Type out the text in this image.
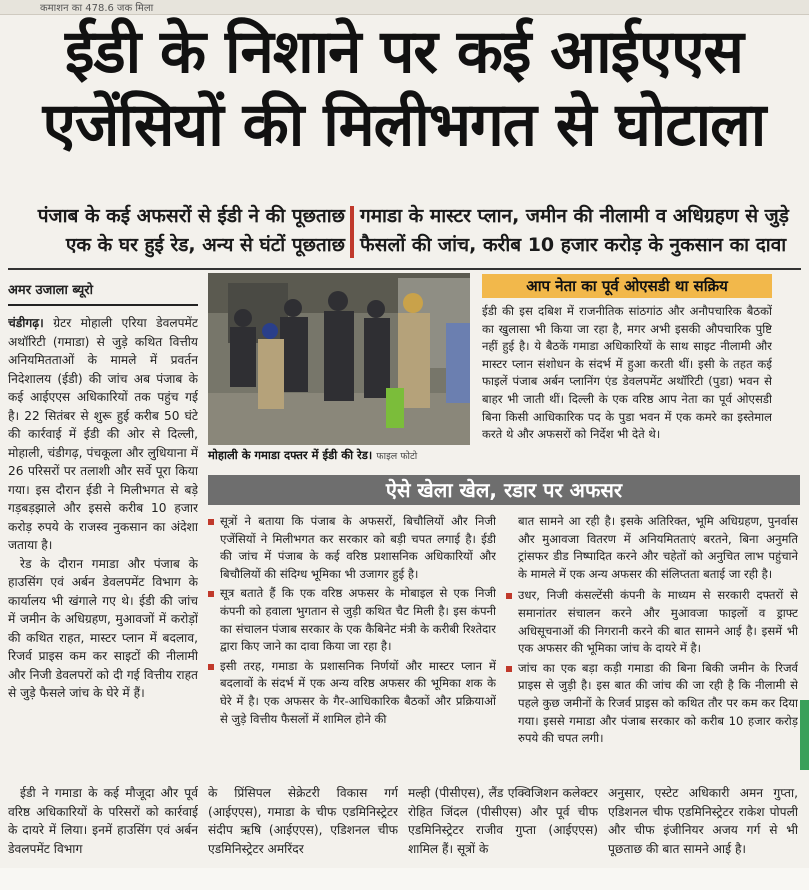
कमाशन का 478.6 जक मिला
ईडी के निशाने पर कई आईएएस
एजेंसियों की मिलीभगत से घोटाला
पंजाब के कई अफसरों से ईडी ने की पूछताछ
एक के घर हुई रेड, अन्य से घंटों पूछताछ
गमाडा के मास्टर प्लान, जमीन की नीलामी व अधिग्रहण से जुड़े
फैसलों की जांच, करीब 10 हजार करोड़ के नुकसान का दावा
अमर उजाला ब्यूरो

चंडीगढ़। ग्रेटर मोहाली एरिया डेवलपमेंट अथॉरिटी (गमाडा) से जुड़े कथित वित्तीय अनियमितताओं के मामले में प्रवर्तन निदेशालय (ईडी) की जांच अब पंजाब के कई आईएएस अधिकारियों तक पहुंच गई है। 22 सितंबर से शुरू हुई करीब 50 घंटे की कार्रवाई में ईडी की ओर से दिल्ली, मोहाली, चंडीगढ़, पंचकूला और लुधियाना में 26 परिसरों पर तलाशी और सर्वे पूरा किया गया। इस दौरान ईडी ने मिलीभगत से बड़े गड़बड़झाले और इससे करीब 10 हजार करोड़ रुपये के राजस्व नुकसान का अंदेशा जताया है।

रेड के दौरान गमाडा और पंजाब के हाउसिंग एवं अर्बन डेवलपमेंट विभाग के कार्यालय भी खंगाले गए थे। ईडी की जांच में जमीन के अधिग्रहण, मुआवजों में करोड़ों की कथित राहत, मास्टर प्लान में बदलाव, रिजर्व प्राइस कम कर साइटों की नीलामी और निजी डेवलपरों को दी गई वित्तीय राहत से जुड़े फैसले जांच के घेरे में हैं।

मोहाली के गमाडा दफ्तर में ईडी की रेड। फाइल फोटो
आप नेता का पूर्व ओएसडी था सक्रिय
ईडी की इस दबिश में राजनीतिक सांठगांठ और अनौपचारिक बैठकों का खुलासा भी किया जा रहा है, मगर अभी इसकी औपचारिक पुष्टि नहीं हुई है। ये बैठकें गमाडा अधिकारियों के साथ साइट नीलामी और मास्टर प्लान संशोधन के संदर्भ में हुआ करती थीं। इसी के तहत कई फाइलें पंजाब अर्बन प्लानिंग एंड डेवलपमेंट अथॉरिटी (पुडा) भवन से बाहर भी जाती थीं। दिल्ली के एक वरिष्ठ आप नेता का पूर्व ओएसडी बिना किसी आधिकारिक पद के पुडा भवन में एक कमरे का इस्तेमाल करते थे और अफसरों को निर्देश भी देते थे।
ऐसे खेला खेल, रडार पर अफसर
सूत्रों ने बताया कि पंजाब के अफसरों, बिचौलियों और निजी एजेंसियों ने मिलीभगत कर सरकार को बड़ी चपत लगाई है। ईडी की जांच में पंजाब के कई वरिष्ठ प्रशासनिक अधिकारियों और बिचौलियों की संदिग्ध भूमिका भी उजागर हुई है।
सूत्र बताते हैं कि एक वरिष्ठ अफसर के मोबाइल से एक निजी कंपनी को हवाला भुगतान से जुड़ी कथित चैट मिली है। इस कंपनी का संचालन पंजाब सरकार के एक कैबिनेट मंत्री के करीबी रिश्तेदार द्वारा किए जाने का दावा किया जा रहा है।
इसी तरह, गमाडा के प्रशासनिक निर्णयों और मास्टर प्लान में बदलावों के संदर्भ में एक अन्य वरिष्ठ अफसर की भूमिका शक के घेरे में है। एक अफसर के गैर-आधिकारिक बैठकों और प्रक्रियाओं से जुड़े वित्तीय फैसलों में शामिल होने की
बात सामने आ रही है। इसके अतिरिक्त, भूमि अधिग्रहण, पुनर्वास और मुआवजा वितरण में अनियमितताएं बरतने, बिना अनुमति ट्रांसफर डीड निष्पादित करने और चहेतों को अनुचित लाभ पहुंचाने के मामले में एक अन्य अफसर की संलिप्तता बताई जा रही है।
उधर, निजी कंसल्टेंसी कंपनी के माध्यम से सरकारी दफ्तरों से समानांतर संचालन करने और मुआवजा फाइलों व ड्राफ्ट अधिसूचनाओं की निगरानी करने की बात सामने आई है। इसमें भी एक अफसर की भूमिका जांच के दायरे में है।
जांच का एक बड़ा कड़ी गमाडा की बिना बिकी जमीन के रिजर्व प्राइस से जुड़ी है। इस बात की जांच की जा रही है कि नीलामी से पहले कुछ जमीनों के रिजर्व प्राइस को कथित तौर पर कम कर दिया गया। इससे गमाडा और पंजाब सरकार को करीब 10 हजार करोड़ रुपये की चपत लगी।

ईडी ने गमाडा के कई मौजूदा और पूर्व वरिष्ठ अधिकारियों के परिसरों को कार्रवाई के दायरे में लिया। इनमें हाउसिंग एवं अर्बन डेवलपमेंट विभाग

के प्रिंसिपल सेक्रेटरी विकास गर्ग (आईएएस), गमाडा के चीफ एडमिनिस्ट्रेटर संदीप ऋषि (आईएएस), एडिशनल चीफ एडमिनिस्ट्रेटर अमरिंदर
मल्ही (पीसीएस), लैंड एक्विजिशन कलेक्टर रोहित जिंदल (पीसीएस) और पूर्व चीफ एडमिनिस्ट्रेटर राजीव गुप्ता (आईएएस) शामिल हैं। सूत्रों के
अनुसार, एस्टेट अधिकारी अमन गुप्ता, एडिशनल चीफ एडमिनिस्ट्रेटर राकेश पोपली और चीफ इंजीनियर अजय गर्ग से भी पूछताछ की बात सामने आई है।
